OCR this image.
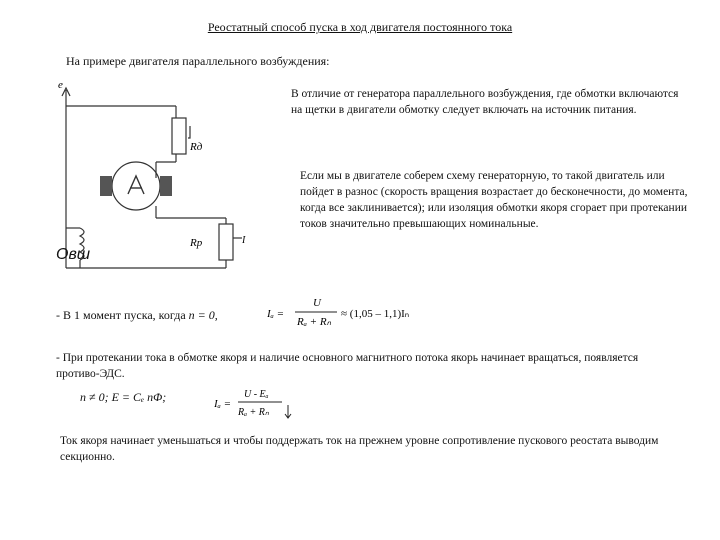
Реостатный способ пуска в ход двигателя постоянного тока
На примере двигателя параллельного возбуждения:
e
Rд
Rр	I
Овш
В отличие от генератора параллельного возбуждения, где обмотки включаются на щетки в двигатели обмотку следует включать на источник питания.
Если мы в двигателе соберем схему генераторную, то такой двигатель или пойдет в разнос (скорость вращения возрастает до бесконечности, до момента, когда все заклинивается); или изоляция обмотки якоря сгорает при протекании токов значительно превышающих номинальные.
- В 1 момент пуска, когда n = 0,	Iₐ =
U
Rₐ + Rₙ
≈ (1,05 – 1,1)Iₙ
- При протекании тока в обмотке якоря и наличие основного магнитного потока якорь начинает вращаться, появляется противо-ЭДС.
n ≠ 0; E = Cₑ nΦ;	Iₐ =
U - Eₐ
Rₐ + Rₙ
Ток якоря начинает уменьшаться и чтобы поддержать ток на прежнем уровне сопротивление пускового реостата выводим секционно.
